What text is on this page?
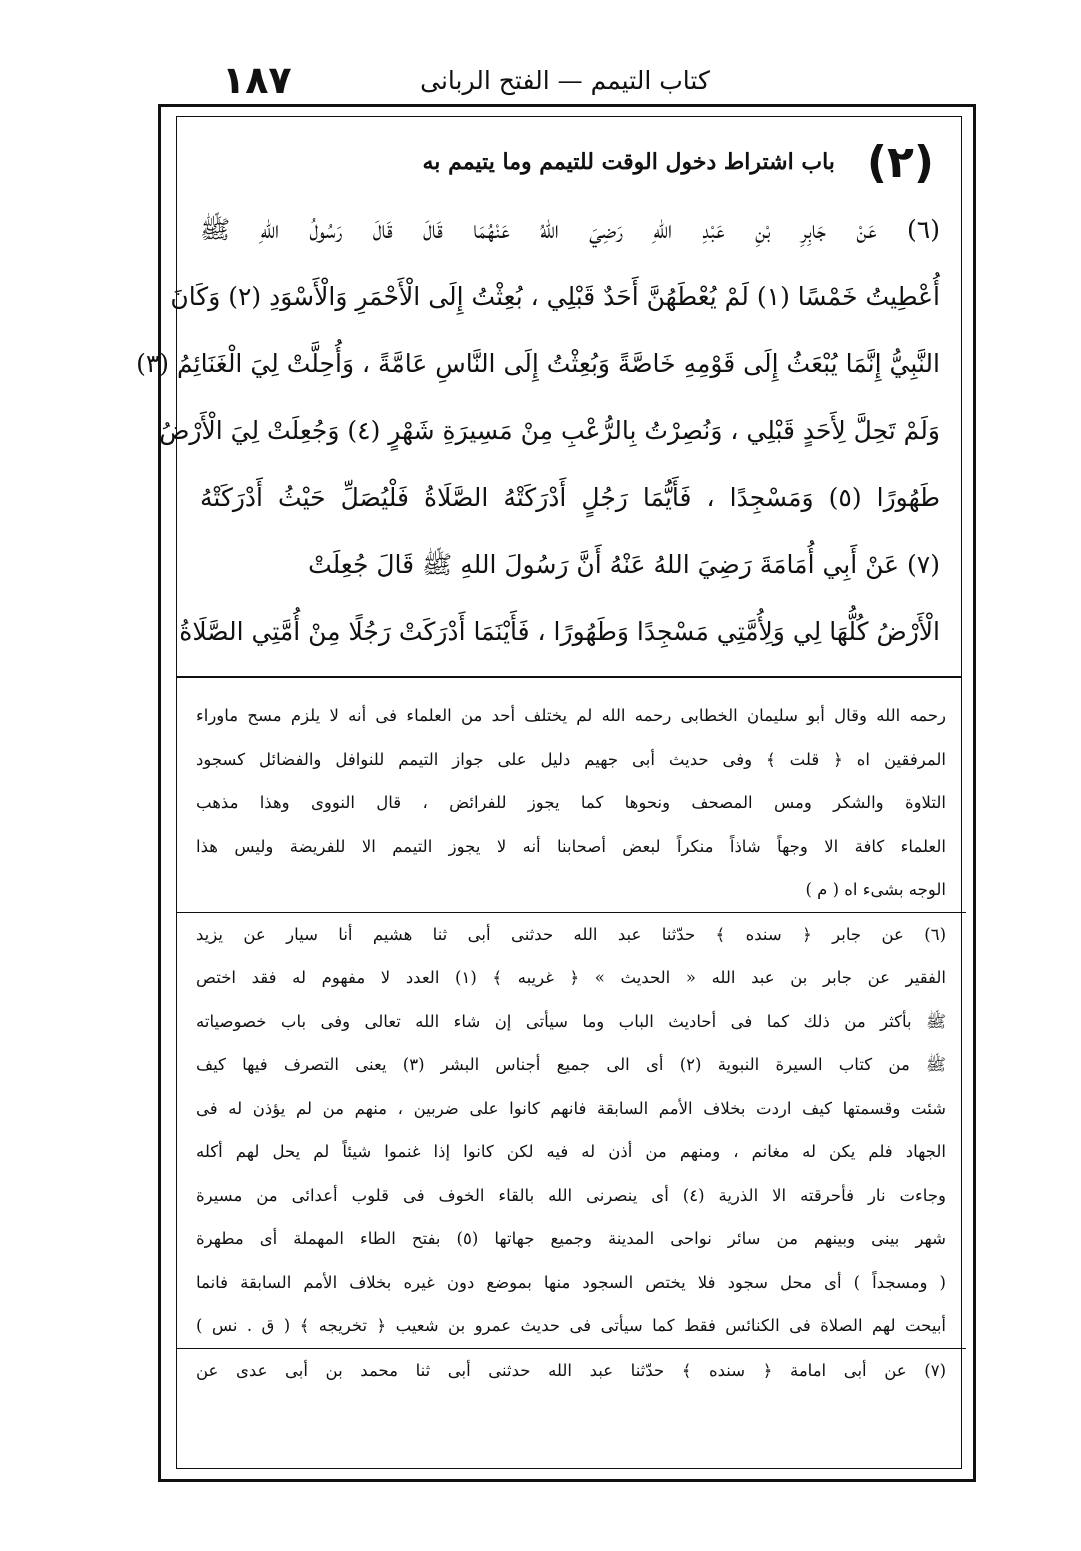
١٨٧	كتاب التيمم — الفتح الربانى
(٢)
باب اشتراط دخول الوقت للتيمم وما يتيمم به
(٦) عَنْ جَابِرِ بْنِ عَبْدِ اللهِ رَضِيَ اللهُ عَنْهُمَا قَالَ قَالَ رَسُولُ اللهِ ﷺ
أُعْطِيتُ خَمْسًا (١) لَمْ يُعْطَهُنَّ أَحَدٌ قَبْلِي ، بُعِثْتُ إِلَى الْأَحْمَرِ وَالْأَسْوَدِ (٢) وَكَانَ
النَّبِيُّ إِنَّمَا يُبْعَثُ إِلَى قَوْمِهِ خَاصَّةً وَبُعِثْتُ إِلَى النَّاسِ عَامَّةً ، وَأُحِلَّتْ لِيَ الْغَنَائِمُ (٣)
وَلَمْ تَحِلَّ لِأَحَدٍ قَبْلِي ، وَنُصِرْتُ بِالرُّعْبِ مِنْ مَسِيرَةِ شَهْرٍ (٤) وَجُعِلَتْ لِيَ الْأَرْضُ
طَهُورًا (٥) وَمَسْجِدًا ، فَأَيُّمَا رَجُلٍ أَدْرَكَتْهُ الصَّلَاةُ فَلْيُصَلِّ حَيْثُ أَدْرَكَتْهُ
(٧) عَنْ أَبِي أُمَامَةَ رَضِيَ اللهُ عَنْهُ أَنَّ رَسُولَ اللهِ ﷺ قَالَ جُعِلَتْ
الْأَرْضُ كُلُّهَا لِي وَلِأُمَّتِي مَسْجِدًا وَطَهُورًا ، فَأَيْنَمَا أَدْرَكَتْ رَجُلًا مِنْ أُمَّتِي الصَّلَاةُ
رحمه الله وقال أبو سليمان الخطابى رحمه الله لم يختلف أحد من العلماء فى أنه لا يلزم مسح ماوراء
المرفقين اه ﴿ قلت ﴾ وفى حديث أبى جهيم دليل على جواز التيمم للنوافل والفضائل كسجود
التلاوة والشكر ومس المصحف ونحوها كما يجوز للفرائض ، قال النووى وهذا مذهب
العلماء كافة الا وجهاً شاذاً منكراً لبعض أصحابنا أنه لا يجوز التيمم الا للفريضة وليس هذا
الوجه بشىء اه ( م )
(٦) عن جابر ﴿ سنده ﴾ حدّثنا عبد الله حدثنى أبى ثنا هشيم أنا سيار عن يزيد
الفقير عن جابر بن عبد الله « الحديث » ﴿ غريبه ﴾ (١) العدد لا مفهوم له فقد اختص
ﷺ بأكثر من ذلك كما فى أحاديث الباب وما سيأتى إن شاء الله تعالى وفى باب خصوصياته
ﷺ من كتاب السيرة النبوية (٢) أى الى جميع أجناس البشر (٣) يعنى التصرف فيها كيف
شئت وقسمتها كيف اردت بخلاف الأمم السابقة فانهم كانوا على ضربين ، منهم من لم يؤذن له فى
الجهاد فلم يكن له مغانم ، ومنهم من أذن له فيه لكن كانوا إذا غنموا شيئاً لم يحل لهم أكله
وجاءت نار فأحرقته الا الذرية (٤) أى ينصرنى الله بالقاء الخوف فى قلوب أعدائى من مسيرة
شهر بينى وبينهم من سائر نواحى المدينة وجميع جهاتها (٥) بفتح الطاء المهملة أى مطهرة
( ومسجداً ) أى محل سجود فلا يختص السجود منها بموضع دون غيره بخلاف الأمم السابقة فانما
أبيحت لهم الصلاة فى الكنائس فقط كما سيأتى فى حديث عمرو بن شعيب ﴿ تخريجه ﴾ ( ق . نس )
(٧) عن أبى امامة ﴿ سنده ﴾ حدّثنا عبد الله حدثنى أبى ثنا محمد بن أبى عدى عن
